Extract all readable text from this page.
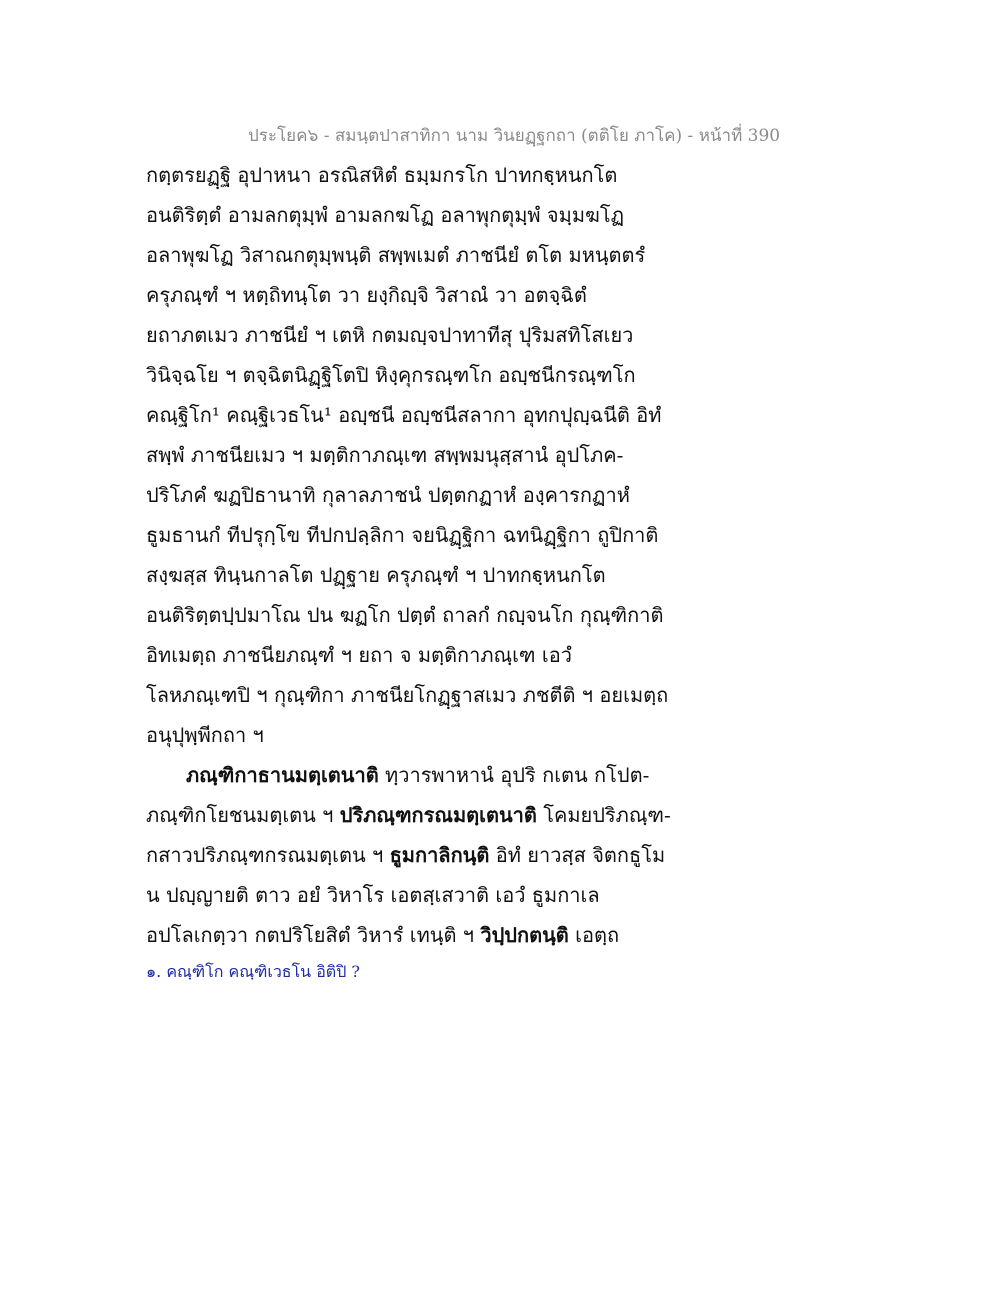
ประโยค๖ - สมนฺตปาสาทิกา นาม วินยฏฺฐกถา (ตติโย ภาโค) - หน้าที่ 390
กตฺตรยฏฺฐิ อุปาหนา อรณิสหิตํ ธมฺมกรโก ปาทกฐฺหนกโต
อนติริตฺตํ อามลกตุมฺพํ อามลกฆโฏ อลาพุกตุมฺพํ จมฺมฆโฏ
อลาพุฆโฏ วิสาณกตุมฺพนฺติ สพฺพเมตํ ภาชนียํ ตโต มหนฺตตรํ
ครุภณฺฑํ ฯ หตฺถิทนฺโต วา ยงฺกิญฺจิ วิสาณํ วา อตจฺฉิตํ
ยถาภตเมว ภาชนียํ ฯ เตหิ กตมญฺจปาทาทีสุ ปุริมสทิโสเยว
วินิจฺฉโย ฯ ตจฺฉิตนิฏฺฐิโตปิ หิงฺคุกรณฺฑโก อญฺชนีกรณฺฑโก
คณฺฐิโก¹ คณฺฐิเวธโน¹ อญฺชนี อญฺชนีสลากา อุทกปุญฺฉนีติ อิทํ
สพฺพํ ภาชนียเมว ฯ มตฺติกาภณฺเฑ สพฺพมนุสฺสานํ อุปโภค-
ปริโภคํ ฆฏปิธานาทิ กุลาลภาชนํ ปตฺตกฏาหํ องฺคารกฏาหํ
ธูมธานกํ ทีปรุกฺโข ทีปกปลฺลิกา จยนิฏฺฐิกา ฉทนิฏฺฐิกา ถูปิกาติ
สงฺฆสฺส ทินฺนกาลโต ปฏฺฐาย ครุภณฺฑํ ฯ ปาทกฐฺหนกโต
อนติริตฺตปฺปมาโณ ปน ฆฏโก ปตฺตํ ถาลกํ กญฺจนโก กุณฺฑิกาติ
อิทเมตฺถ ภาชนียภณฺฑํ ฯ ยถา จ มตฺติกาภณฺเฑ เอวํ
โลหภณฺเฑปิ ฯ กุณฺฑิกา ภาชนียโกฏฺฐาสเมว ภชตีติ ฯ อยเมตฺถ
อนุปุพฺพีกถา ฯ
ภณฺฑิกาธานมตฺเตนาติ ทฺวารพาหานํ อุปริ กเตน กโปต-
ภณฺฑิกโยชนมตฺเตน ฯ ปริภณฺฑกรณมตฺเตนาติ โคมยปริภณฺฑ-
กสาวปริภณฺฑกรณมตฺเตน ฯ ธูมกาลิกนฺติ อิทํ ยาวสฺส จิตกธูโม
น ปญฺญายติ ตาว อยํ วิหาโร เอตสฺเสวาติ เอวํ ธูมกาเล
อปโลเกตฺวา กตปริโยสิตํ วิหารํ เทนฺติ ฯ วิปฺปกตนฺติ เอตฺถ
๑. คณฺฑิโก คณฺฑิเวธโน อิติปิ ?
